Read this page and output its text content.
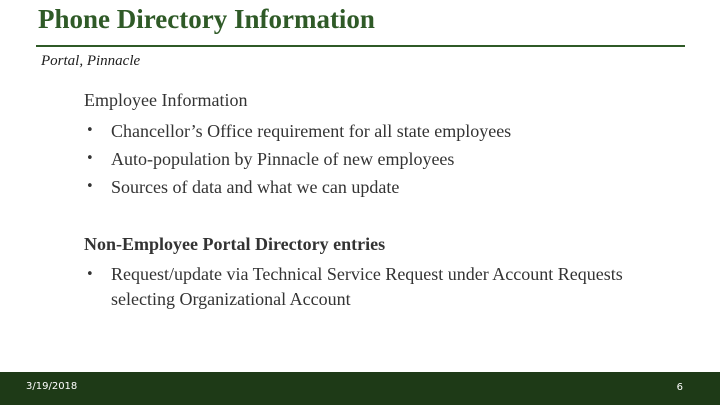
Phone Directory Information
Portal, Pinnacle
Employee Information
• Chancellor’s Office requirement for all state employees
• Auto-population by Pinnacle of new employees
• Sources of data and what we can update
Non-Employee Portal Directory entries
• Request/update via Technical Service Request under Account Requests selecting Organizational Account
3/19/2018	6
